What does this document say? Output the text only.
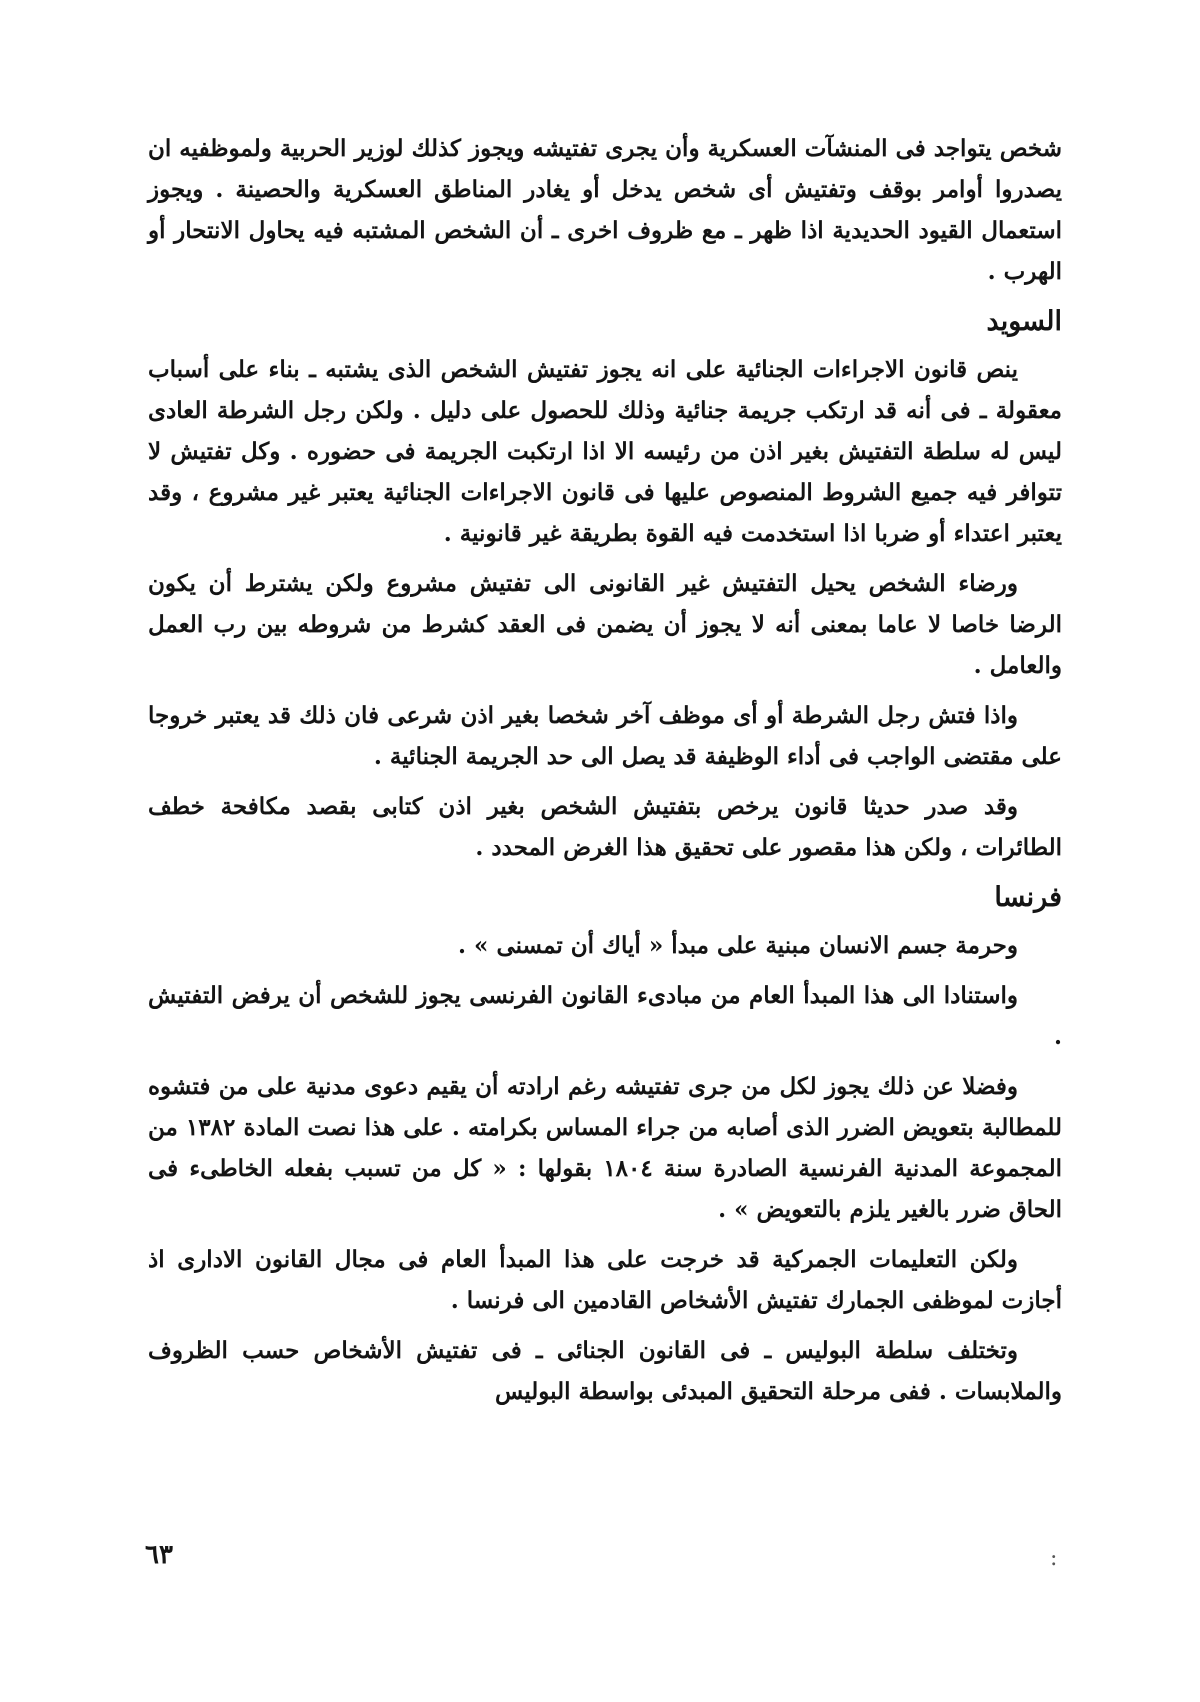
شخص يتواجد فى المنشآت العسكرية وأن يجرى تفتيشه ويجوز كذلك لوزير الحربية ولموظفيه ان يصدروا أوامر بوقف وتفتيش أى شخص يدخل أو يغادر المناطق العسكرية والحصينة . ويجوز استعمال القيود الحديدية اذا ظهر ـ مع ظروف اخرى ـ أن الشخص المشتبه فيه يحاول الانتحار أو الهرب .

السويد

ينص قانون الاجراءات الجنائية على انه يجوز تفتيش الشخص الذى يشتبه ـ بناء على أسباب معقولة ـ فى أنه قد ارتكب جريمة جنائية وذلك للحصول على دليل . ولكن رجل الشرطة العادى ليس له سلطة التفتيش بغير اذن من رئيسه الا اذا ارتكبت الجريمة فى حضوره . وكل تفتيش لا تتوافر فيه جميع الشروط المنصوص عليها فى قانون الاجراءات الجنائية يعتبر غير مشروع ، وقد يعتبر اعتداء أو ضربا اذا استخدمت فيه القوة بطريقة غير قانونية .

ورضاء الشخص يحيل التفتيش غير القانونى الى تفتيش مشروع ولكن يشترط أن يكون الرضا خاصا لا عاما بمعنى أنه لا يجوز أن يضمن فى العقد كشرط من شروطه بين رب العمل والعامل .

واذا فتش رجل الشرطة أو أى موظف آخر شخصا بغير اذن شرعى فان ذلك قد يعتبر خروجا على مقتضى الواجب فى أداء الوظيفة قد يصل الى حد الجريمة الجنائية .

وقد صدر حديثا قانون يرخص بتفتيش الشخص بغير اذن كتابى بقصد مكافحة خطف الطائرات ، ولكن هذا مقصور على تحقيق هذا الغرض المحدد .

فرنسا

وحرمة جسم الانسان مبنية على مبدأ « أياك أن تمسنى » .

واستنادا الى هذا المبدأ العام من مبادىء القانون الفرنسى يجوز للشخص أن يرفض التفتيش .

وفضلا عن ذلك يجوز لكل من جرى تفتيشه رغم ارادته أن يقيم دعوى مدنية على من فتشوه للمطالبة بتعويض الضرر الذى أصابه من جراء المساس بكرامته . على هذا نصت المادة ١٣٨٢ من المجموعة المدنية الفرنسية الصادرة سنة ١٨٠٤ بقولها : « كل من تسبب بفعله الخاطىء فى الحاق ضرر بالغير يلزم بالتعويض » .

ولكن التعليمات الجمركية قد خرجت على هذا المبدأ العام فى مجال القانون الادارى اذ أجازت لموظفى الجمارك تفتيش الأشخاص القادمين الى فرنسا .

وتختلف سلطة البوليس ـ فى القانون الجنائى ـ فى تفتيش الأشخاص حسب الظروف والملابسات . ففى مرحلة التحقيق المبدئى بواسطة البوليس

٦٣	:
